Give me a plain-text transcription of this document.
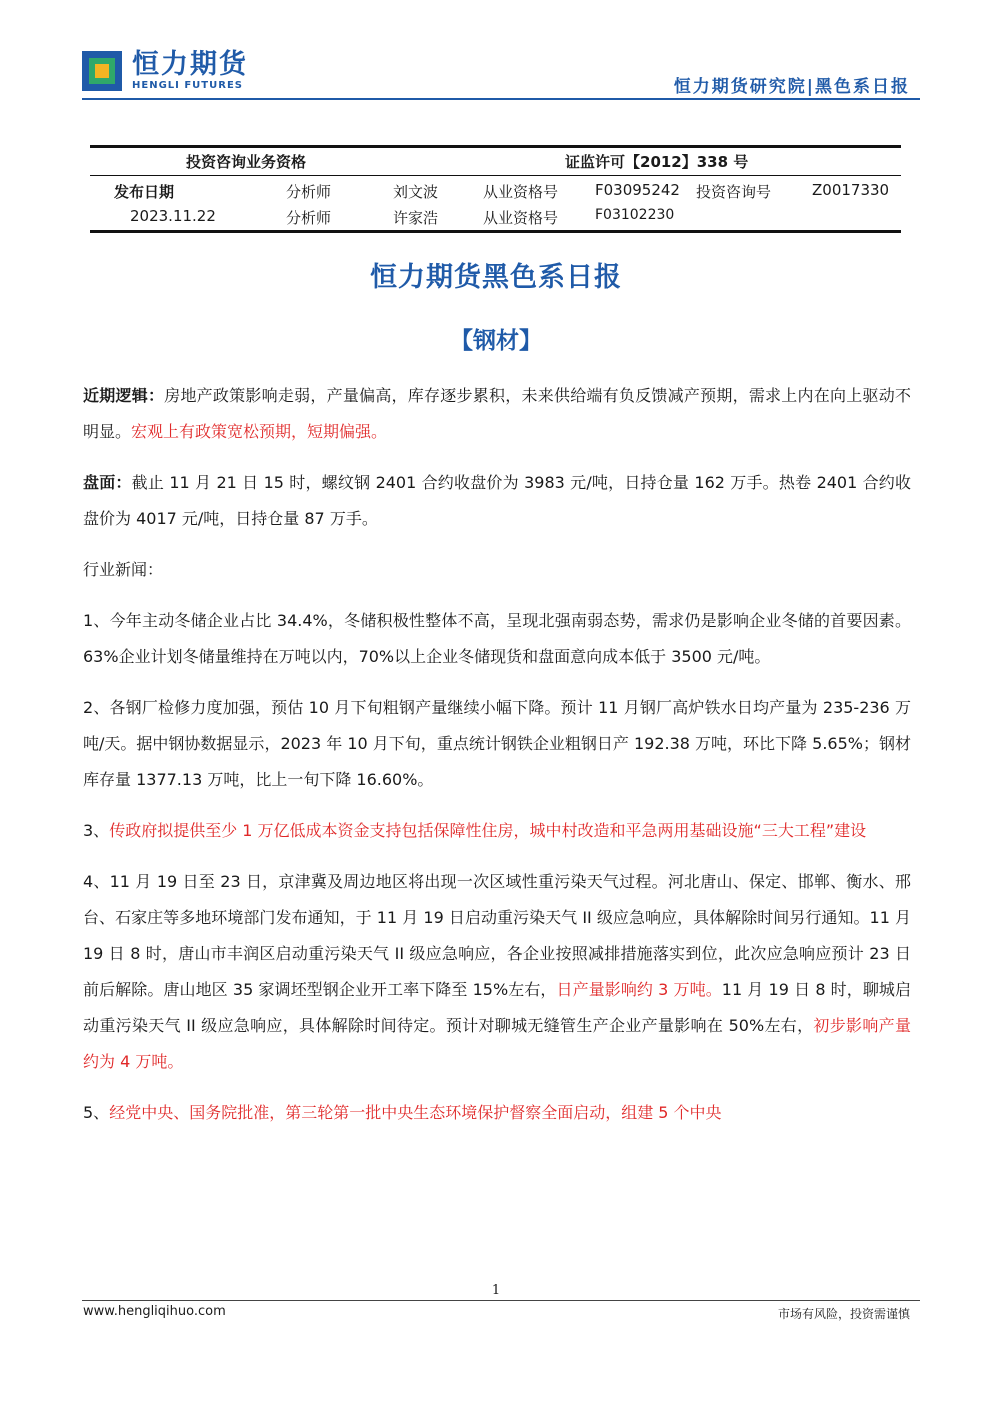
恒力期货
HENGLI FUTURES	恒力期货研究院|黑色系日报
投资咨询业务资格	证监许可【2012】338 号
发布日期	分析师	刘文波	从业资格号 F03095242 投资咨询号	Z0017330
2023.11.22	分析师	许家浩	从业资格号	F03102230
恒力期货黑色系日报
【钢材】

近期逻辑：房地产政策影响走弱，产量偏高，库存逐步累积，未来供给端有负反馈减产预期，需求上内在向上驱动不明显。宏观上有政策宽松预期，短期偏强。

盘面：截止 11 月 21 日 15 时，螺纹钢 2401 合约收盘价为 3983 元/吨，日持仓量 162 万手。热卷 2401 合约收盘价为 4017 元/吨，日持仓量 87 万手。

行业新闻：

1、今年主动冬储企业占比 34.4%，冬储积极性整体不高，呈现北强南弱态势，需求仍是影响企业冬储的首要因素。63%企业计划冬储量维持在万吨以内，70%以上企业冬储现货和盘面意向成本低于 3500 元/吨。

2、各钢厂检修力度加强，预估 10 月下旬粗钢产量继续小幅下降。预计 11 月钢厂高炉铁水日均产量为 235-236 万吨/天。据中钢协数据显示，2023 年 10 月下旬，重点统计钢铁企业粗钢日产 192.38 万吨，环比下降 5.65%；钢材库存量 1377.13 万吨，比上一旬下降 16.60%。

3、传政府拟提供至少 1 万亿低成本资金支持包括保障性住房，城中村改造和平急两用基础设施“三大工程”建设

4、11 月 19 日至 23 日，京津冀及周边地区将出现一次区域性重污染天气过程。河北唐山、保定、邯郸、衡水、邢台、石家庄等多地环境部门发布通知，于 11 月 19 日启动重污染天气 II 级应急响应，具体解除时间另行通知。11 月 19 日 8 时，唐山市丰润区启动重污染天气 II 级应急响应，各企业按照减排措施落实到位，此次应急响应预计 23 日前后解除。唐山地区 35 家调坯型钢企业开工率下降至 15%左右，日产量影响约 3 万吨。11 月 19 日 8 时，聊城启动重污染天气 II 级应急响应，具体解除时间待定。预计对聊城无缝管生产企业产量影响在 50%左右，初步影响产量约为 4 万吨。

5、经党中央、国务院批准，第三轮第一批中央生态环境保护督察全面启动，组建 5 个中央

1
www.hengliqihuo.com	市场有风险，投资需谨慎
